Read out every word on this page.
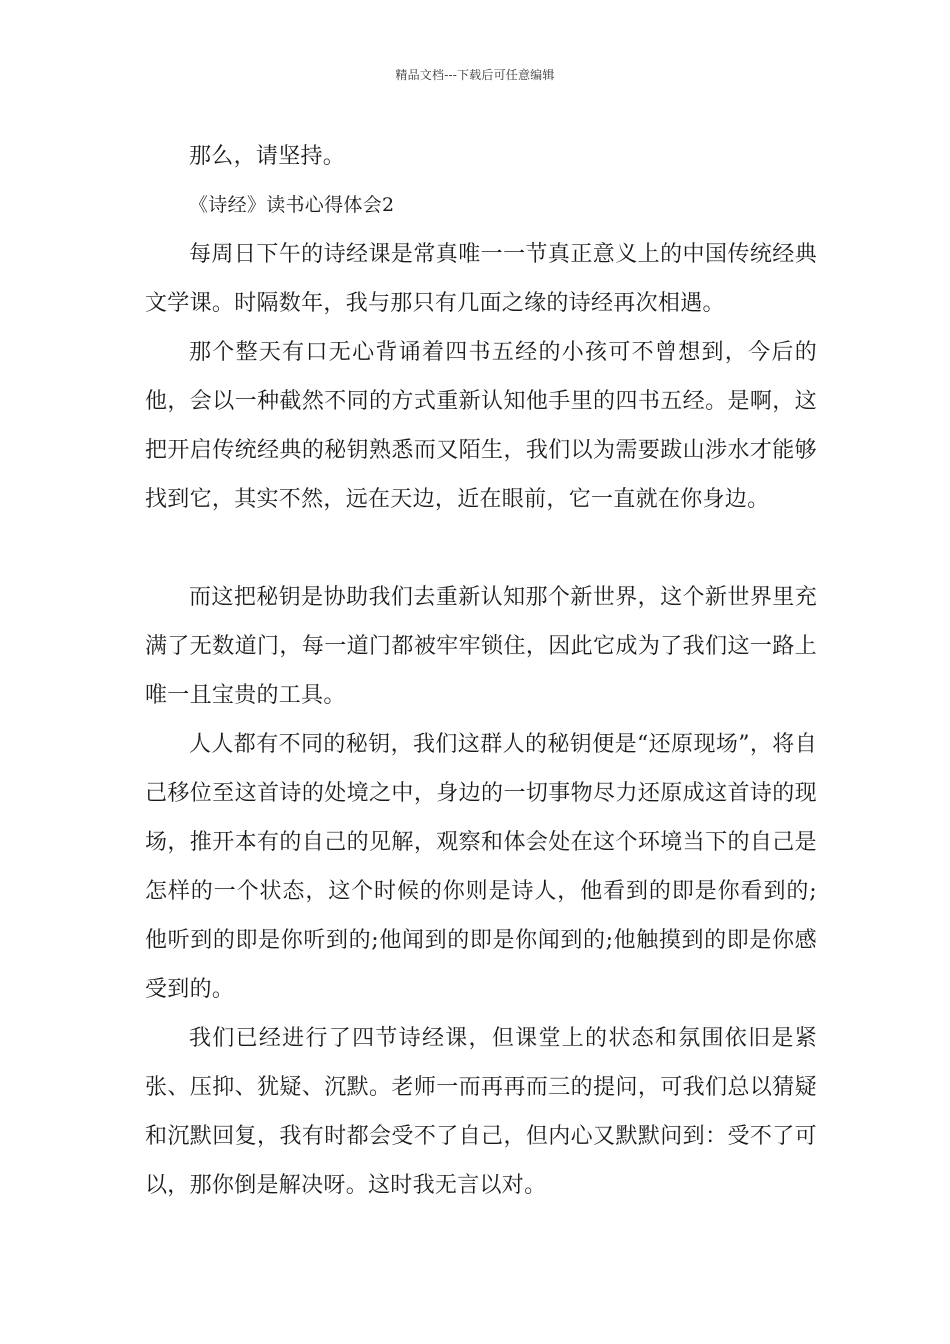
精品文档---下载后可任意编辑

那么，请坚持。

《诗经》读书心得体会2

每周日下午的诗经课是常真唯一一节真正意义上的中国传统经典文学课。时隔数年，我与那只有几面之缘的诗经再次相遇。

那个整天有口无心背诵着四书五经的小孩可不曾想到，今后的他，会以一种截然不同的方式重新认知他手里的四书五经。是啊，这把开启传统经典的秘钥熟悉而又陌生，我们以为需要跋山涉水才能够找到它，其实不然，远在天边，近在眼前，它一直就在你身边。

而这把秘钥是协助我们去重新认知那个新世界，这个新世界里充满了无数道门，每一道门都被牢牢锁住，因此它成为了我们这一路上唯一且宝贵的工具。

人人都有不同的秘钥，我们这群人的秘钥便是“还原现场”，将自己移位至这首诗的处境之中，身边的一切事物尽力还原成这首诗的现场，推开本有的自己的见解，观察和体会处在这个环境当下的自己是怎样的一个状态，这个时候的你则是诗人，他看到的即是你看到的;他听到的即是你听到的;他闻到的即是你闻到的;他触摸到的即是你感受到的。

我们已经进行了四节诗经课，但课堂上的状态和氛围依旧是紧张、压抑、犹疑、沉默。老师一而再再而三的提问，可我们总以猜疑和沉默回复，我有时都会受不了自己，但内心又默默问到：受不了可以，那你倒是解决呀。这时我无言以对。
